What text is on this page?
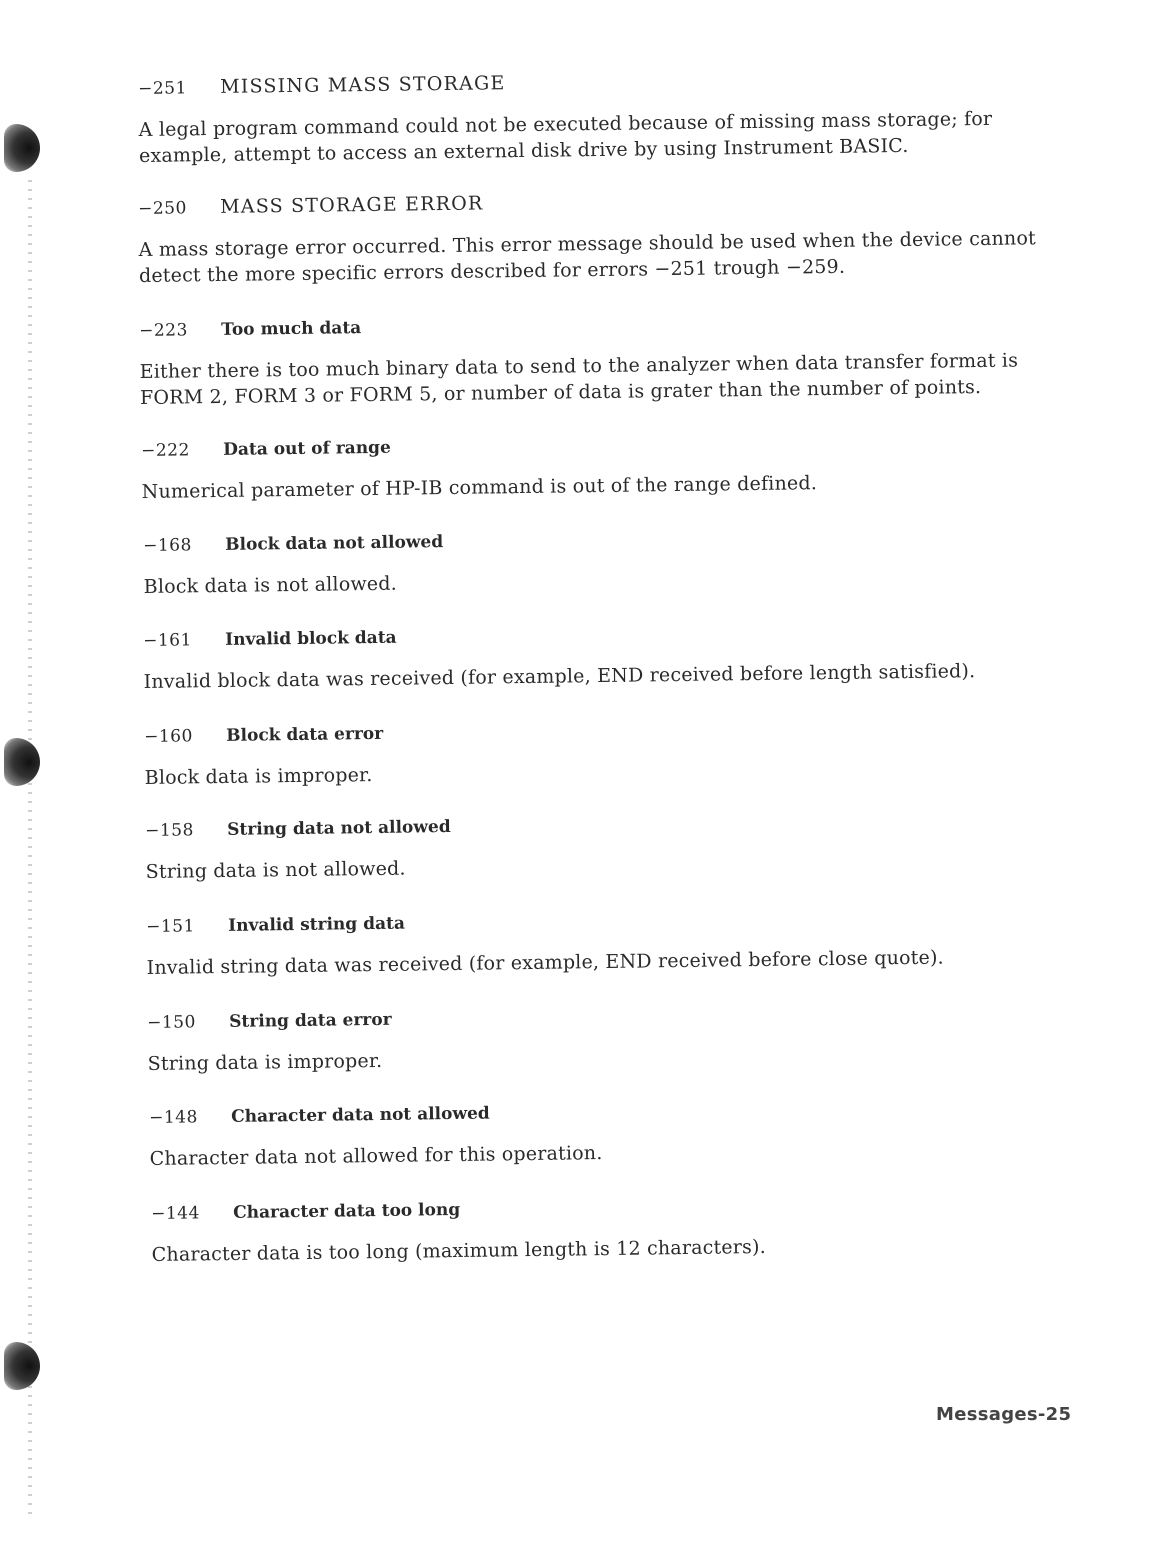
−251 MISSING MASS STORAGE
A legal program command could not be executed because of missing mass storage; for
example, attempt to access an external disk drive by using Instrument BASIC.
−250 MASS STORAGE ERROR
A mass storage error occurred. This error message should be used when the device cannot
detect the more specific errors described for errors −251 trough −259.
−223 Too much data
Either there is too much binary data to send to the analyzer when data transfer format is
FORM 2, FORM 3 or FORM 5, or number of data is grater than the number of points.
−222 Data out of range
Numerical parameter of HP-IB command is out of the range defined.
−168 Block data not allowed
Block data is not allowed.
−161 Invalid block data
Invalid block data was received (for example, END received before length satisfied).
−160 Block data error
Block data is improper.
−158 String data not allowed
String data is not allowed.
−151 Invalid string data
Invalid string data was received (for example, END received before close quote).
−150 String data error
String data is improper.
−148 Character data not allowed
Character data not allowed for this operation.
−144 Character data too long
Character data is too long (maximum length is 12 characters).
Messages-25
